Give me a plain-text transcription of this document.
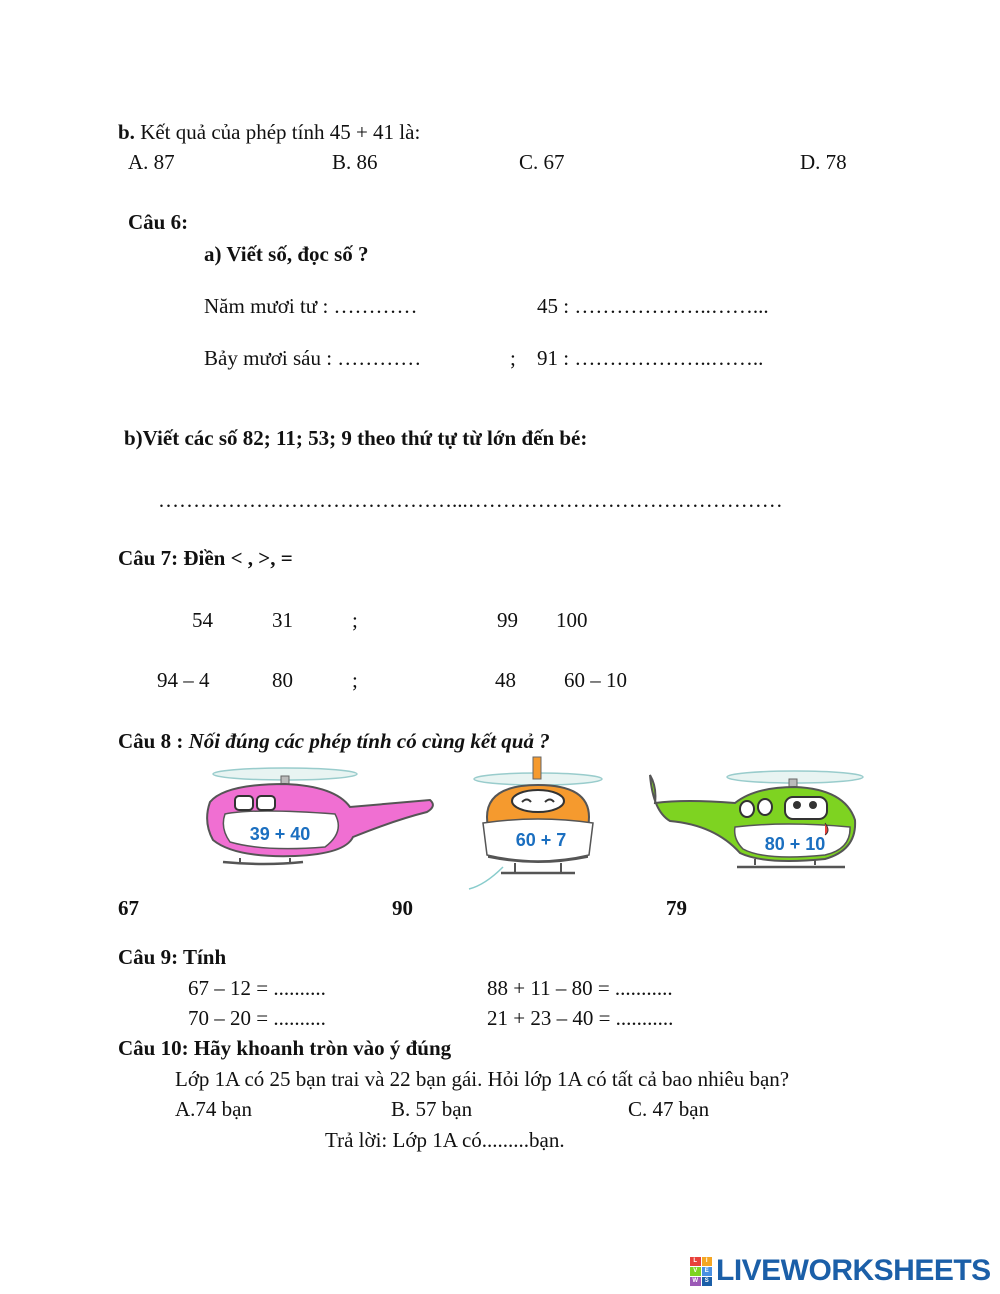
b. Kết quả của phép tính 45 + 41 là:
A. 87	B. 86	C. 67	D. 78
Câu 6:
a) Viết số, đọc số ?
Năm mươi tư : …………	45 : ………………..……...
Bảy mươi sáu : …………	; 91 : ………………..……..
b)Viết các số 82; 11; 53; 9 theo thứ tự từ lớn đến bé:
……………………………………...………………………………………
Câu 7: Điền < , >, =
54	31	;	99 100
94 – 4	80	;	48 60 – 10
Câu 8 : Nối đúng các phép tính có cùng kết quả ?
39 + 40	60 + 7	80 + 10
67	90	79
Câu 9: Tính
67 – 12 = ..........	88 + 11 – 80 = ...........
70 – 20 = ..........	21 + 23 – 40 = ...........
Câu 10: Hãy khoanh tròn vào ý đúng
Lớp 1A có 25 bạn trai và 22 bạn gái. Hỏi lớp 1A có tất cả bao nhiêu bạn?
A.74 bạn	B. 57 bạn	C. 47 bạn
Trả lời: Lớp 1A có.........bạn.
L	I
V	E
W	S LIVEWORKSHEETS
